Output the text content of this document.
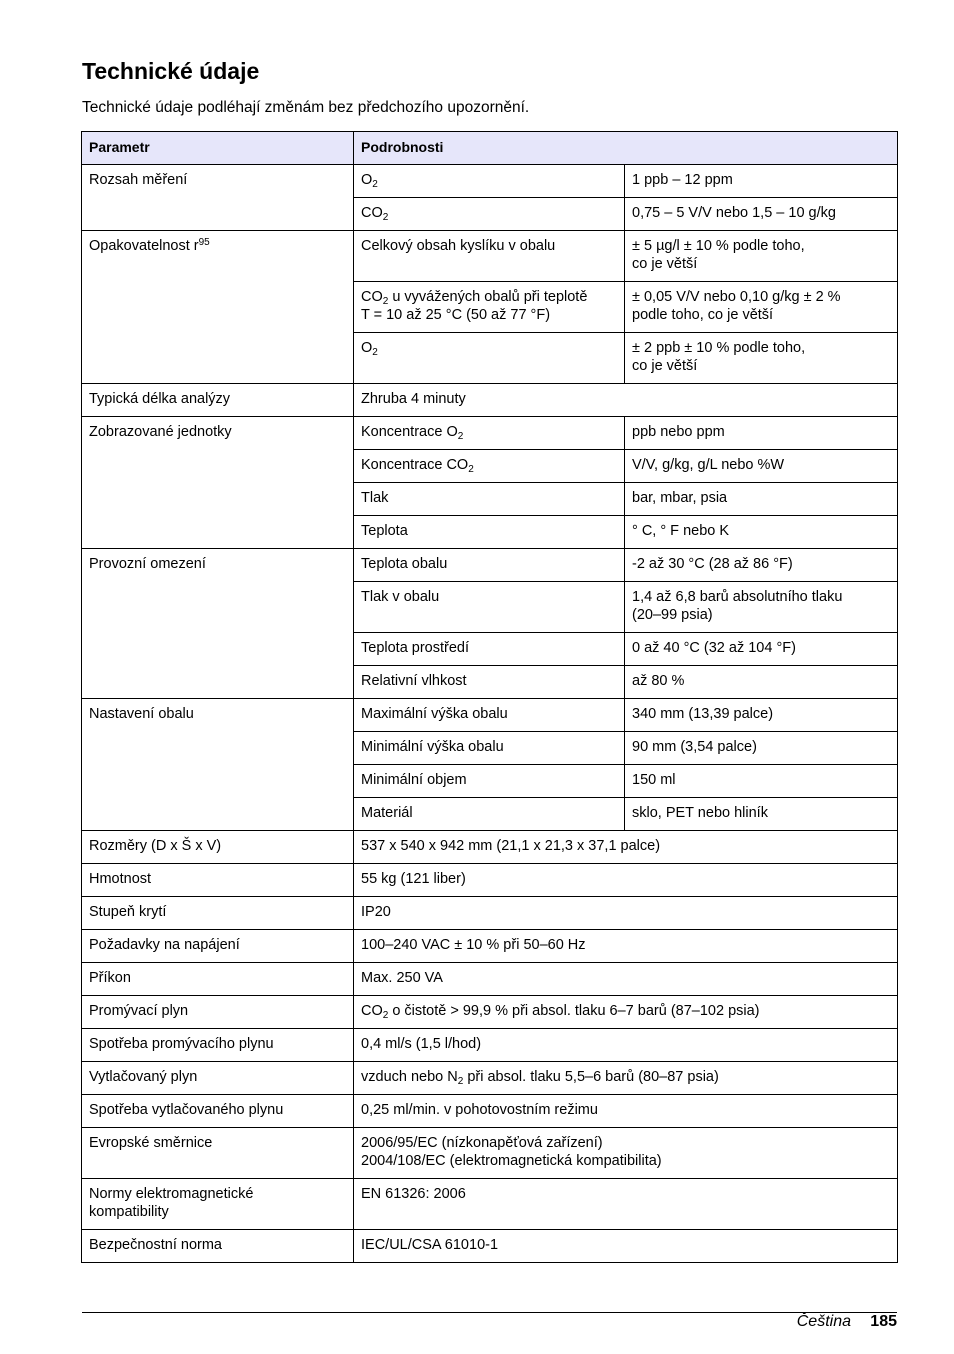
Technické údaje

Technické údaje podléhají změnám bez předchozího upozornění.

Parametr	Podrobnosti	
Rozsah měření	$O_2$	1 ppb – 12 ppm
	$CO_2$	0,75 – 5 V/V nebo 1,5 – 10 g/kg
Opakovatelnost $r^{95}$	Celkový obsah kyslíku v obalu	± 5 µg/l ± 10 % podle toho,
co je větší

	$CO_2$ u vyvážených obalů při teplotě
T = 10 až 25 °C (50 až 77 °F)	± 0,05 V/V nebo 0,10 g/kg ± 2 %
podle toho, co je větší

	$O_2$	± 2 ppb ± 10 % podle toho,
co je větší

Typická délka analýzy	Zhruba 4 minuty	
Zobrazované jednotky	Koncentrace $O_2$	ppb nebo ppm
	Koncentrace $CO_2$	V/V, g/kg, g/L nebo %W
	Tlak	bar, mbar, psia
	Teplota	° C, ° F nebo K
Provozní omezení	Teplota obalu	-2 až 30 °C (28 až 86 °F)
	Tlak v obalu	1,4 až 6,8 barů absolutního tlaku
(20–99 psia)

	Teplota prostředí	0 až 40 °C (32 až 104 °F)
	Relativní vlhkost	až 80 %
Nastavení obalu	Maximální výška obalu	340 mm (13,39 palce)
	Minimální výška obalu	90 mm (3,54 palce)
	Minimální objem	150 ml
	Materiál	sklo, PET nebo hliník
Rozměry (D x Š x V)	537 x 540 x 942 mm (21,1 x 21,3 x 37,1 palce)	
Hmotnost	55 kg (121 liber)	
Stupeň krytí	IP20	
Požadavky na napájení	100–240 VAC ± 10 % při 50–60 Hz	
Příkon	Max. 250 VA	
Promývací plyn	$CO_2$ o čistotě > 99,9 % při absol. tlaku 6–7 barů (87–102 psia)	
Spotřeba promývacího plynu	0,4 ml/s (1,5 l/hod)	
Vytlačovaný plyn	vzduch nebo $N_2$ při absol. tlaku 5,5–6 barů (80–87 psia)	
Spotřeba vytlačovaného plynu	0,25 ml/min. v pohotovostním režimu	
Evropské směrnice	2006/95/EC (nízkonapěťová zařízení)
2004/108/EC (elektromagnetická kompatibilita)	

Normy elektromagnetické
kompatibility	EN 61326: 2006	
Bezpečnostní norma	IEC/UL/CSA 61010-1	
Čeština 185
